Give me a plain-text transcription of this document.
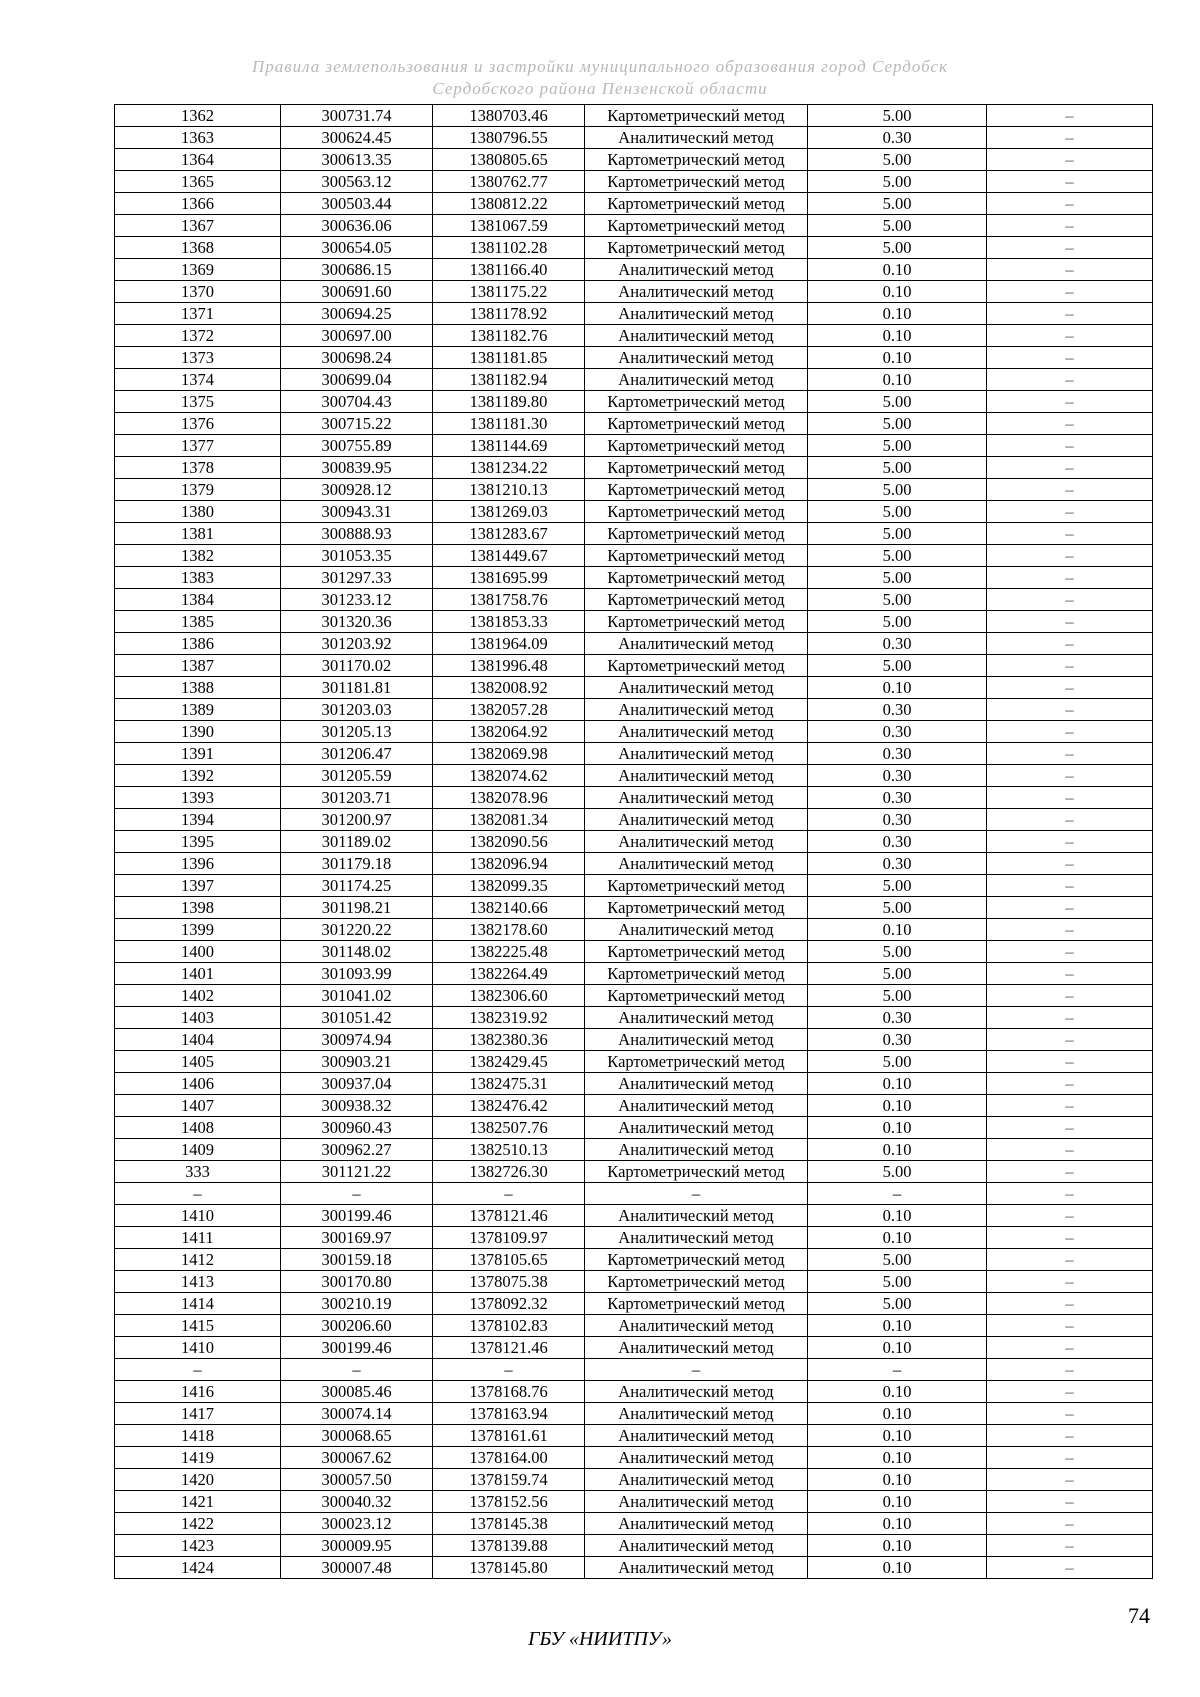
Правила землепользования и застройки муниципального образования город Сердобск
Сердобского района Пензенской области
1362	300731.74	1380703.46	Картометрический метод	5.00	–
1363	300624.45	1380796.55	Аналитический метод	0.30	–
1364	300613.35	1380805.65	Картометрический метод	5.00	–
1365	300563.12	1380762.77	Картометрический метод	5.00	–
1366	300503.44	1380812.22	Картометрический метод	5.00	–
1367	300636.06	1381067.59	Картометрический метод	5.00	–
1368	300654.05	1381102.28	Картометрический метод	5.00	–
1369	300686.15	1381166.40	Аналитический метод	0.10	–
1370	300691.60	1381175.22	Аналитический метод	0.10	–
1371	300694.25	1381178.92	Аналитический метод	0.10	–
1372	300697.00	1381182.76	Аналитический метод	0.10	–
1373	300698.24	1381181.85	Аналитический метод	0.10	–
1374	300699.04	1381182.94	Аналитический метод	0.10	–
1375	300704.43	1381189.80	Картометрический метод	5.00	–
1376	300715.22	1381181.30	Картометрический метод	5.00	–
1377	300755.89	1381144.69	Картометрический метод	5.00	–
1378	300839.95	1381234.22	Картометрический метод	5.00	–
1379	300928.12	1381210.13	Картометрический метод	5.00	–
1380	300943.31	1381269.03	Картометрический метод	5.00	–
1381	300888.93	1381283.67	Картометрический метод	5.00	–
1382	301053.35	1381449.67	Картометрический метод	5.00	–
1383	301297.33	1381695.99	Картометрический метод	5.00	–
1384	301233.12	1381758.76	Картометрический метод	5.00	–
1385	301320.36	1381853.33	Картометрический метод	5.00	–
1386	301203.92	1381964.09	Аналитический метод	0.30	–
1387	301170.02	1381996.48	Картометрический метод	5.00	–
1388	301181.81	1382008.92	Аналитический метод	0.10	–
1389	301203.03	1382057.28	Аналитический метод	0.30	–
1390	301205.13	1382064.92	Аналитический метод	0.30	–
1391	301206.47	1382069.98	Аналитический метод	0.30	–
1392	301205.59	1382074.62	Аналитический метод	0.30	–
1393	301203.71	1382078.96	Аналитический метод	0.30	–
1394	301200.97	1382081.34	Аналитический метод	0.30	–
1395	301189.02	1382090.56	Аналитический метод	0.30	–
1396	301179.18	1382096.94	Аналитический метод	0.30	–
1397	301174.25	1382099.35	Картометрический метод	5.00	–
1398	301198.21	1382140.66	Картометрический метод	5.00	–
1399	301220.22	1382178.60	Аналитический метод	0.10	–
1400	301148.02	1382225.48	Картометрический метод	5.00	–
1401	301093.99	1382264.49	Картометрический метод	5.00	–
1402	301041.02	1382306.60	Картометрический метод	5.00	–
1403	301051.42	1382319.92	Аналитический метод	0.30	–
1404	300974.94	1382380.36	Аналитический метод	0.30	–
1405	300903.21	1382429.45	Картометрический метод	5.00	–
1406	300937.04	1382475.31	Аналитический метод	0.10	–
1407	300938.32	1382476.42	Аналитический метод	0.10	–
1408	300960.43	1382507.76	Аналитический метод	0.10	–
1409	300962.27	1382510.13	Аналитический метод	0.10	–
333	301121.22	1382726.30	Картометрический метод	5.00	–
–	–	–	–	–	–
1410	300199.46	1378121.46	Аналитический метод	0.10	–
1411	300169.97	1378109.97	Аналитический метод	0.10	–
1412	300159.18	1378105.65	Картометрический метод	5.00	–
1413	300170.80	1378075.38	Картометрический метод	5.00	–
1414	300210.19	1378092.32	Картометрический метод	5.00	–
1415	300206.60	1378102.83	Аналитический метод	0.10	–
1410	300199.46	1378121.46	Аналитический метод	0.10	–
–	–	–	–	–	–
1416	300085.46	1378168.76	Аналитический метод	0.10	–
1417	300074.14	1378163.94	Аналитический метод	0.10	–
1418	300068.65	1378161.61	Аналитический метод	0.10	–
1419	300067.62	1378164.00	Аналитический метод	0.10	–
1420	300057.50	1378159.74	Аналитический метод	0.10	–
1421	300040.32	1378152.56	Аналитический метод	0.10	–
1422	300023.12	1378145.38	Аналитический метод	0.10	–
1423	300009.95	1378139.88	Аналитический метод	0.10	–
1424	300007.48	1378145.80	Аналитический метод	0.10	–
74
ГБУ «НИИТПУ»
